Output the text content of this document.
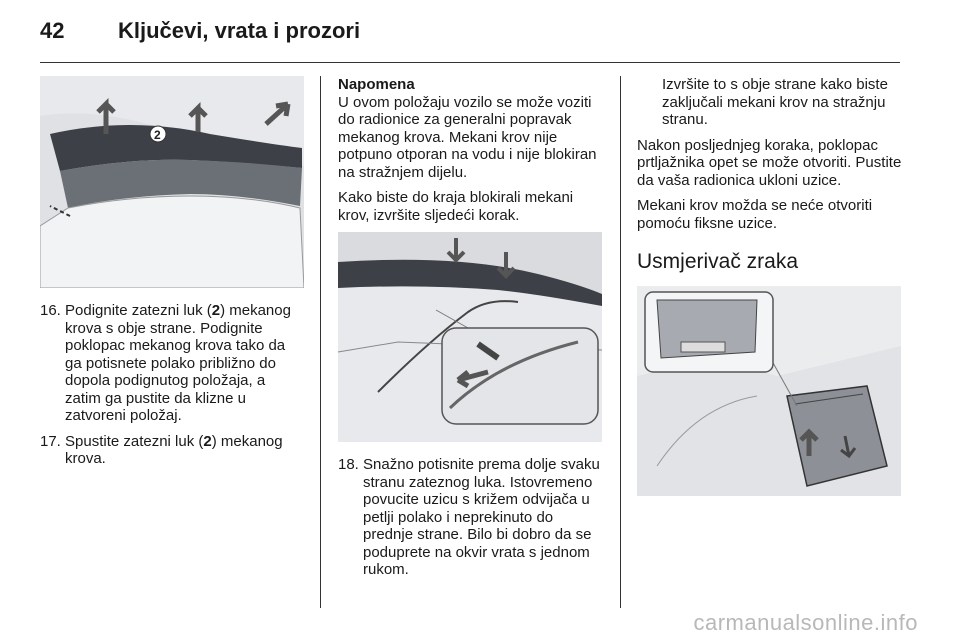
42 Ključevi, vrata i prozori
2
16. Podignite zatezni luk (2) mekanog krova s obje strane. Podignite poklopac mekanog krova tako da ga potisnete polako približno do dopola podignutog položaja, a zatim ga pustite da klizne u zatvoreni položaj.
17. Spustite zatezni luk (2) mekanog krova.
Napomena

U ovom položaju vozilo se može voziti do radionice za generalni popravak mekanog krova. Mekani krov nije potpuno otporan na vodu i nije blokiran na stražnjem dijelu.

Kako biste do kraja blokirali mekani krov, izvršite sljedeći korak.

18. Snažno potisnite prema dolje svaku stranu zateznog luka. Istovremeno povucite uzicu s križem odvijača u petlji polako i neprekinuto do prednje strane. Bilo bi dobro da se poduprete na okvir vrata s jednom rukom.
Izvršite to s obje strane kako biste zaključali mekani krov na stražnju stranu.

Nakon posljednjeg koraka, poklopac prtljažnika opet se može otvoriti. Pustite da vaša radionica ukloni uzice.

Mekani krov možda se neće otvoriti pomoću fiksne uzice.

Usmjerivač zraka
carmanualsonline.info
